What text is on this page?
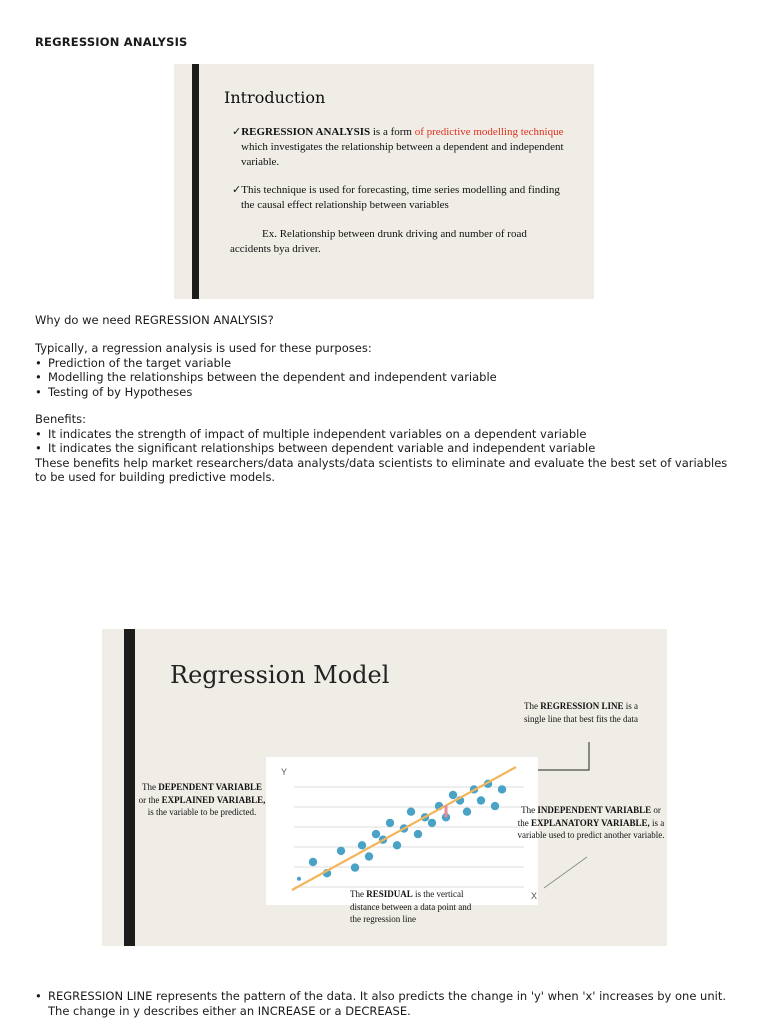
REGRESSION ANALYSIS
Introduction
✓REGRESSION ANALYSIS is a form of predictive modelling technique which investigates the relationship between a dependent and independent variable.
✓This technique is used for forecasting, time series modelling and finding the causal effect relationship between variables
Ex. Relationship between drunk driving and number of road accidents bya driver.
Why do we need REGRESSION ANALYSIS?
Typically, a regression analysis is used for these purposes:
• Prediction of the target variable
• Modelling the relationships between the dependent and independent variable
• Testing of by Hypotheses
Benefits:
• It indicates the strength of impact of multiple independent variables on a dependent variable
• It indicates the significant relationships between dependent variable and independent variable
These benefits help market researchers/data analysts/data scientists to eliminate and evaluate the best set of variables to be used for building predictive models.
Regression Model
Y
X
The DEPENDENT VARIABLE or the EXPLAINED VARIABLE, is the variable to be predicted.
The REGRESSION LINE is a single line that best fits the data
The INDEPENDENT VARIABLE or the EXPLANATORY VARIABLE, is a variable used to predict another variable.
The RESIDUAL is the vertical distance between a data point and the regression line
• REGRESSION LINE represents the pattern of the data. It also predicts the change in 'y' when 'x' increases by one unit. The change in y describes either an INCREASE or a DECREASE.
